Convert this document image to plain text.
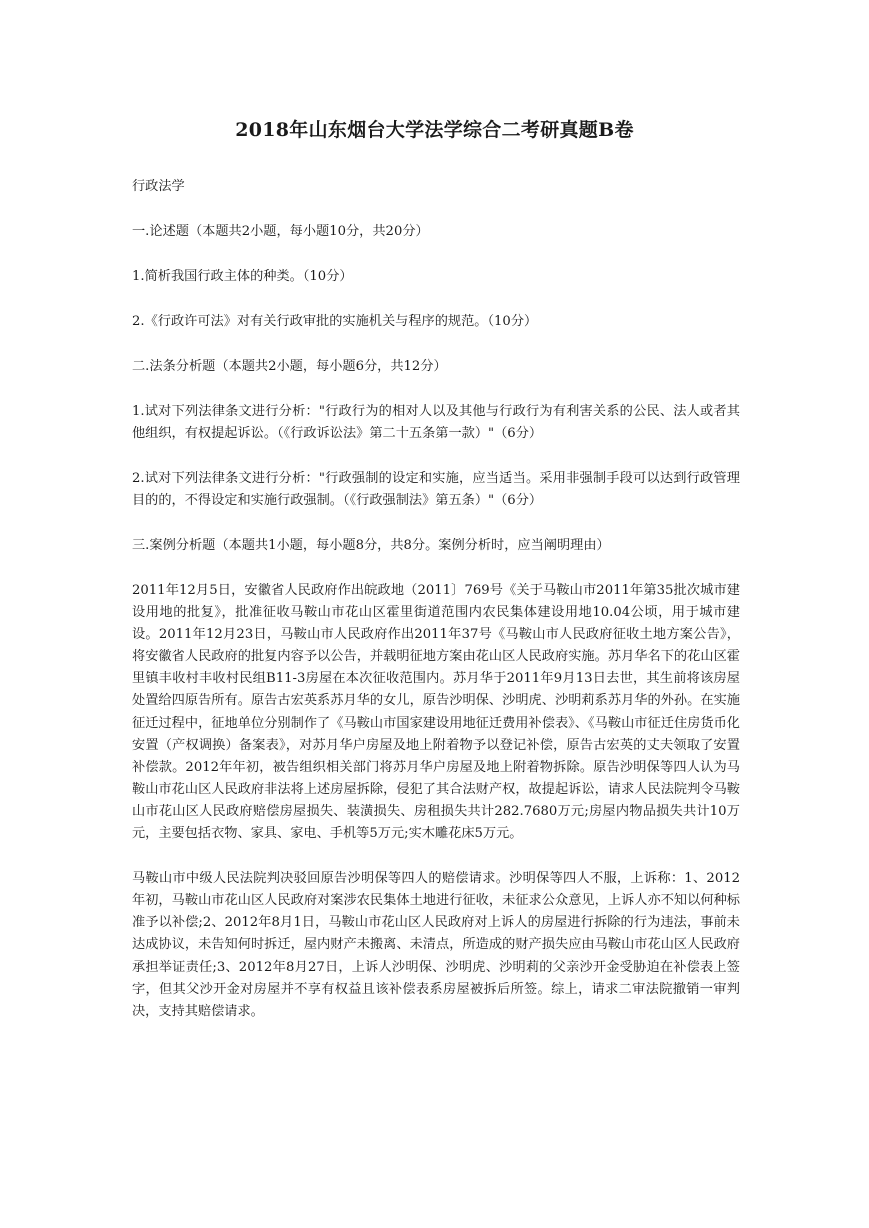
2018年山东烟台大学法学综合二考研真题B卷

行政法学

一.论述题（本题共2小题，每小题10分，共20分）

1.简析我国行政主体的种类。（10分）

2.《行政许可法》对有关行政审批的实施机关与程序的规范。（10分）

二.法条分析题（本题共2小题，每小题6分，共12分）

1.试对下列法律条文进行分析："行政行为的相对人以及其他与行政行为有利害关系的公民、法人或者其他组织，有权提起诉讼。（《行政诉讼法》第二十五条第一款）"（6分）

2.试对下列法律条文进行分析："行政强制的设定和实施，应当适当。采用非强制手段可以达到行政管理目的的，不得设定和实施行政强制。（《行政强制法》第五条）"（6分）

三.案例分析题（本题共1小题，每小题8分，共8分。案例分析时，应当阐明理由）

2011年12月5日，安徽省人民政府作出皖政地（2011〕769号《关于马鞍山市2011年第35批次城市建设用地的批复》，批准征收马鞍山市花山区霍里街道范围内农民集体建设用地10.04公顷，用于城市建设。2011年12月23日，马鞍山市人民政府作出2011年37号《马鞍山市人民政府征收土地方案公告》，将安徽省人民政府的批复内容予以公告，并载明征地方案由花山区人民政府实施。苏月华名下的花山区霍里镇丰收村丰收村民组B11-3房屋在本次征收范围内。苏月华于2011年9月13日去世，其生前将该房屋处置给四原告所有。原告古宏英系苏月华的女儿，原告沙明保、沙明虎、沙明莉系苏月华的外孙。在实施征迁过程中，征地单位分别制作了《马鞍山市国家建设用地征迁费用补偿表》、《马鞍山市征迁住房货币化安置（产权调换）备案表》，对苏月华户房屋及地上附着物予以登记补偿，原告古宏英的丈夫领取了安置补偿款。2012年年初，被告组织相关部门将苏月华户房屋及地上附着物拆除。原告沙明保等四人认为马鞍山市花山区人民政府非法将上述房屋拆除，侵犯了其合法财产权，故提起诉讼，请求人民法院判令马鞍山市花山区人民政府赔偿房屋损失、装潢损失、房租损失共计282.7680万元;房屋内物品损失共计10万元，主要包括衣物、家具、家电、手机等5万元;实木雕花床5万元。

马鞍山市中级人民法院判决驳回原告沙明保等四人的赔偿请求。沙明保等四人不服，上诉称：1、2012年初，马鞍山市花山区人民政府对案涉农民集体土地进行征收，未征求公众意见，上诉人亦不知以何种标准予以补偿;2、2012年8月1日，马鞍山市花山区人民政府对上诉人的房屋进行拆除的行为违法，事前未达成协议，未告知何时拆迁，屋内财产未搬离、未清点，所造成的财产损失应由马鞍山市花山区人民政府承担举证责任;3、2012年8月27日，上诉人沙明保、沙明虎、沙明莉的父亲沙开金受胁迫在补偿表上签字，但其父沙开金对房屋并不享有权益且该补偿表系房屋被拆后所签。综上，请求二审法院撤销一审判决，支持其赔偿请求。
